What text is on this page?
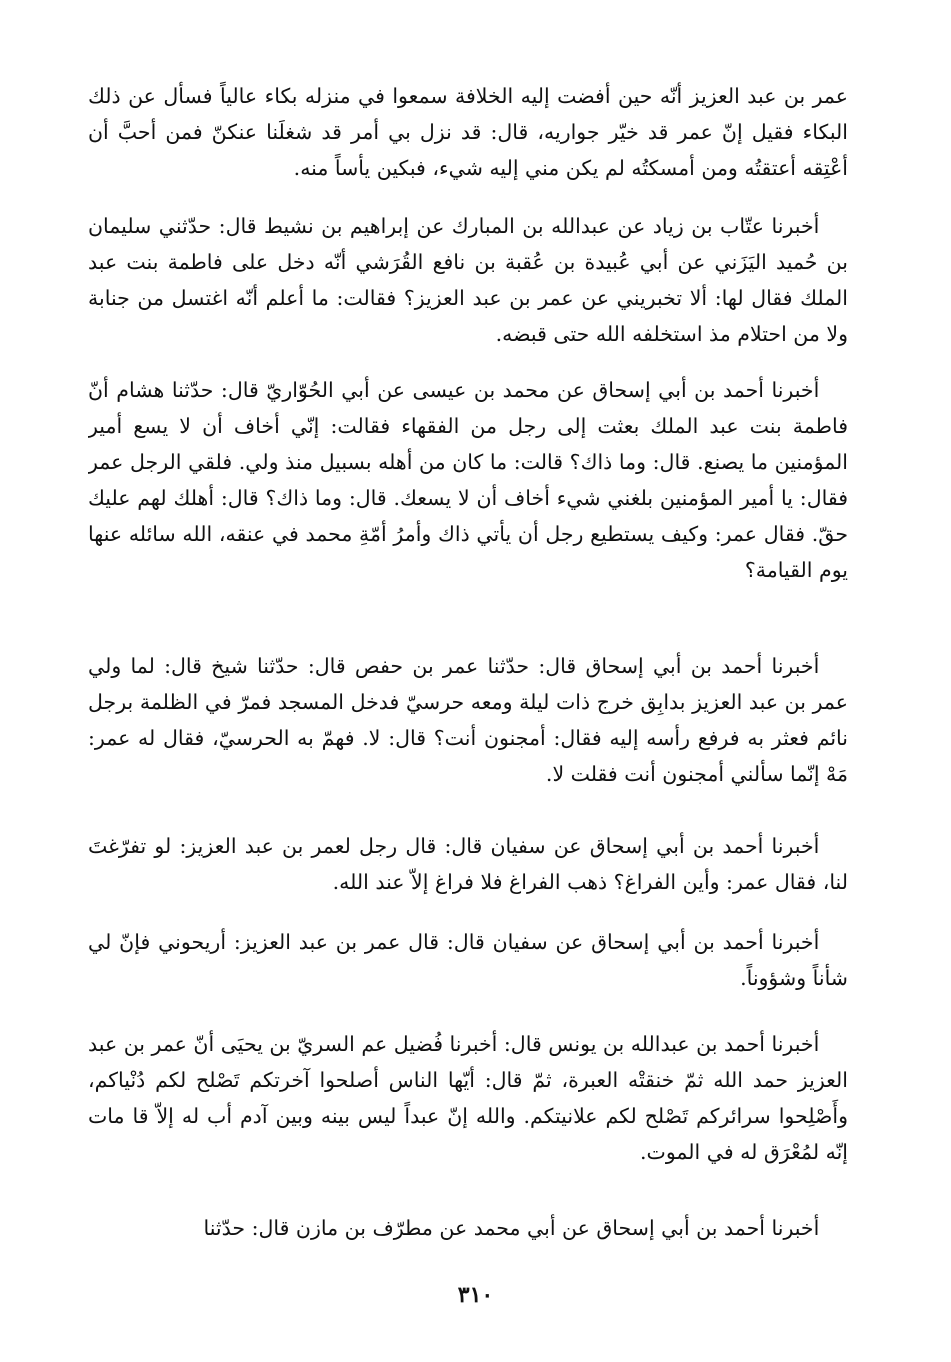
عمر بن عبد العزيز أنّه حين أفضت إليه الخلافة سمعوا في منزله بكاء عالياً فسأل عن ذلك البكاء فقيل إنّ عمر قد خيّر جواريه، قال: قد نزل بي أمر قد شغلَنا عنكنّ فمن أحبَّ أن أعْتِقه أعتقتُه ومن أمسكتُه لم يكن مني إليه شيء، فبكين يأساً منه.

أخبرنا عتّاب بن زياد عن عبدالله بن المبارك عن إبراهيم بن نشيط قال: حدّثني سليمان بن حُميد اليَزَني عن أبي عُبيدة بن عُقبة بن نافع القُرَشي أنّه دخل على فاطمة بنت عبد الملك فقال لها: ألا تخبريني عن عمر بن عبد العزيز؟ فقالت: ما أعلم أنّه اغتسل من جنابة ولا من احتلام مذ استخلفه الله حتى قبضه.

أخبرنا أحمد بن أبي إسحاق عن محمد بن عيسى عن أبي الحُوّاريّ قال: حدّثنا هشام أنّ فاطمة بنت عبد الملك بعثت إلى رجل من الفقهاء فقالت: إنّي أخاف أن لا يسع أمير المؤمنين ما يصنع. قال: وما ذاك؟ قالت: ما كان من أهله بسبيل منذ ولي. فلقي الرجل عمر فقال: يا أمير المؤمنين بلغني شيء أخاف أن لا يسعك. قال: وما ذاك؟ قال: أهلك لهم عليك حقّ. فقال عمر: وكيف يستطيع رجل أن يأتي ذاك وأمرُ أمّةِ محمد في عنقه، الله سائله عنها يوم القيامة؟

أخبرنا أحمد بن أبي إسحاق قال: حدّثنا عمر بن حفص قال: حدّثنا شيخ قال: لما ولي عمر بن عبد العزيز بدابِق خرج ذات ليلة ومعه حرسيّ فدخل المسجد فمرّ في الظلمة برجل نائم فعثر به فرفع رأسه إليه فقال: أمجنون أنت؟ قال: لا. فهمّ به الحرسيّ، فقال له عمر: مَهْ إنّما سألني أمجنون أنت فقلت لا.

أخبرنا أحمد بن أبي إسحاق عن سفيان قال: قال رجل لعمر بن عبد العزيز: لو تفرّغتَ لنا، فقال عمر: وأين الفراغ؟ ذهب الفراغ فلا فراغ إلاّ عند الله.

أخبرنا أحمد بن أبي إسحاق عن سفيان قال: قال عمر بن عبد العزيز: أريحوني فإنّ لي شأناً وشؤوناً.

أخبرنا أحمد بن عبدالله بن يونس قال: أخبرنا فُضيل عم السريّ بن يحيَى أنّ عمر بن عبد العزيز حمد الله ثمّ خنقتْه العبرة، ثمّ قال: أيّها الناس أصلحوا آخرتكم تَصْلح لكم دُنْياكم، وأَصْلِحوا سرائركم تَصْلح لكم علانيتكم. والله إنّ عبداً ليس بينه وبين آدم أب له إلاّ قا مات إنّه لمُعْرَق له في الموت.

أخبرنا أحمد بن أبي إسحاق عن أبي محمد عن مطرّف بن مازن قال: حدّثنا

٣١٠
